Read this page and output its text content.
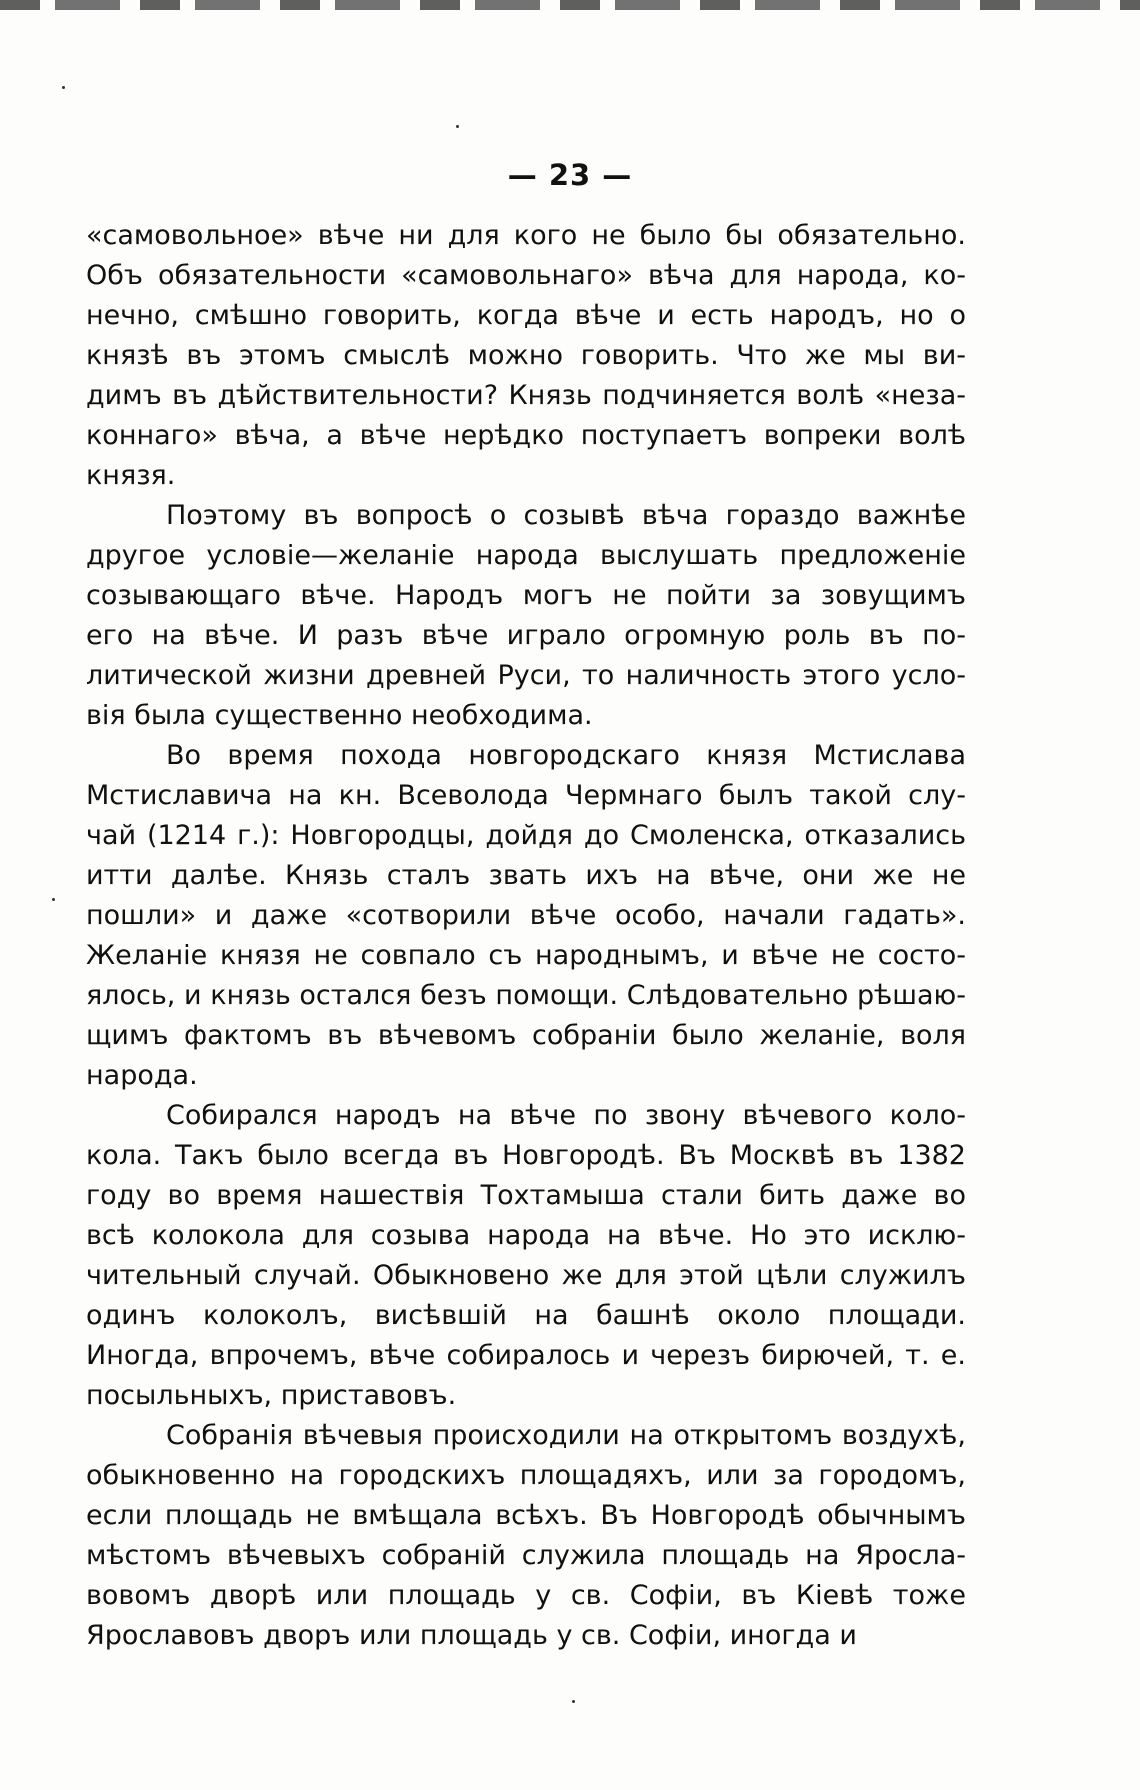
— 23 —

«самовольное» вѣче ни для кого не было бы обязательно.
Объ обязательности «самовольнаго» вѣча для народа, ко-
нечно, смѣшно говорить, когда вѣче и есть народъ, но о
князѣ въ этомъ смыслѣ можно говорить. Что же мы ви-
димъ въ дѣйствительности? Князь подчиняется волѣ «неза-
коннаго» вѣча, а вѣче нерѣдко поступаетъ вопреки волѣ
князя.

Поэтому въ вопросѣ о созывѣ вѣча гораздо важнѣе
другое условіе—желаніе народа выслушать предложеніе
созывающаго вѣче. Народъ могъ не пойти за зовущимъ
его на вѣче. И разъ вѣче играло огромную роль въ по-
литической жизни древней Руси, то наличность этого усло-
вія была существенно необходима.

Во время похода новгородскаго князя Мстислава
Мстиславича на кн. Всеволода Чермнаго былъ такой слу-
чай (1214 г.): Новгородцы, дойдя до Смоленска, отказались
итти далѣе. Князь сталъ звать ихъ на вѣче, они же не
пошли» и даже «сотворили вѣче особо, начали гадать».
Желаніе князя не совпало съ народнымъ, и вѣче не состо-
ялось, и князь остался безъ помощи. Слѣдовательно рѣшаю-
щимъ фактомъ въ вѣчевомъ собраніи было желаніе, воля
народа.

Собирался народъ на вѣче по звону вѣчевого коло-
кола. Такъ было всегда въ Новгородѣ. Въ Москвѣ въ 1382
году во время нашествія Тохтамыша стали бить даже во
всѣ колокола для созыва народа на вѣче. Но это исклю-
чительный случай. Обыкновено же для этой цѣли служилъ
одинъ колоколъ, висѣвшій на башнѣ около площади.
Иногда, впрочемъ, вѣче собиралось и черезъ бирючей, т. е.
посыльныхъ, приставовъ.

Собранія вѣчевыя происходили на открытомъ воздухѣ,
обыкновенно на городскихъ площадяхъ, или за городомъ,
если площадь не вмѣщала всѣхъ. Въ Новгородѣ обычнымъ
мѣстомъ вѣчевыхъ собраній служила площадь на Яросла-
вовомъ дворѣ или площадь у св. Софіи, въ Кіевѣ тоже
Ярославовъ дворъ или площадь у св. Софіи, иногда и
